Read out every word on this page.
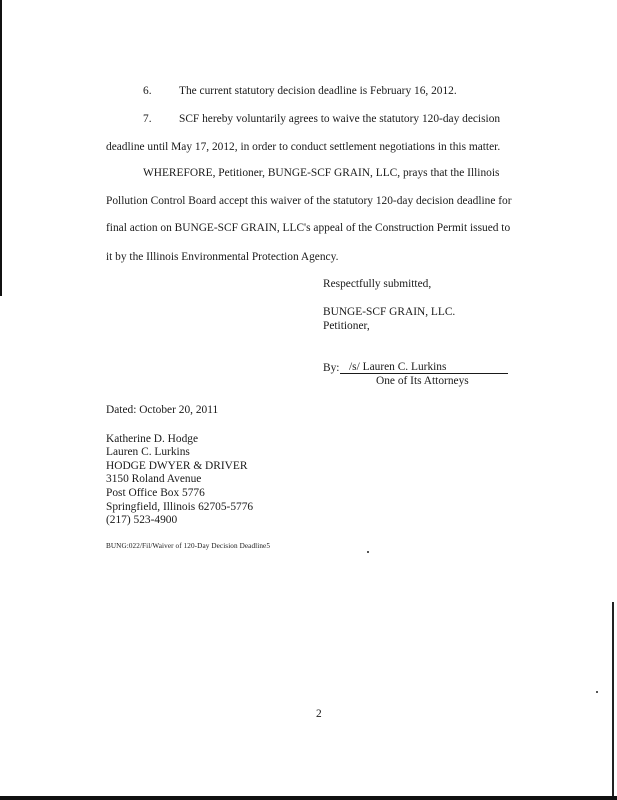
6. The current statutory decision deadline is February 16, 2012.
7. SCF hereby voluntarily agrees to waive the statutory 120-day decision
deadline until May 17, 2012, in order to conduct settlement negotiations in this matter.
WHEREFORE, Petitioner, BUNGE-SCF GRAIN, LLC, prays that the Illinois
Pollution Control Board accept this waiver of the statutory 120-day decision deadline for
final action on BUNGE-SCF GRAIN, LLC's appeal of the Construction Permit issued to
it by the Illinois Environmental Protection Agency.
Respectfully submitted,
BUNGE-SCF GRAIN, LLC.
Petitioner,
By: /s/ Lauren C. Lurkins
One of Its Attorneys
Dated: October 20, 2011
Katherine D. Hodge
Lauren C. Lurkins
HODGE DWYER & DRIVER
3150 Roland Avenue
Post Office Box 5776
Springfield, Illinois 62705-5776
(217) 523-4900
BUNG:022/Fil/Waiver of 120-Day Decision Deadline5
2
